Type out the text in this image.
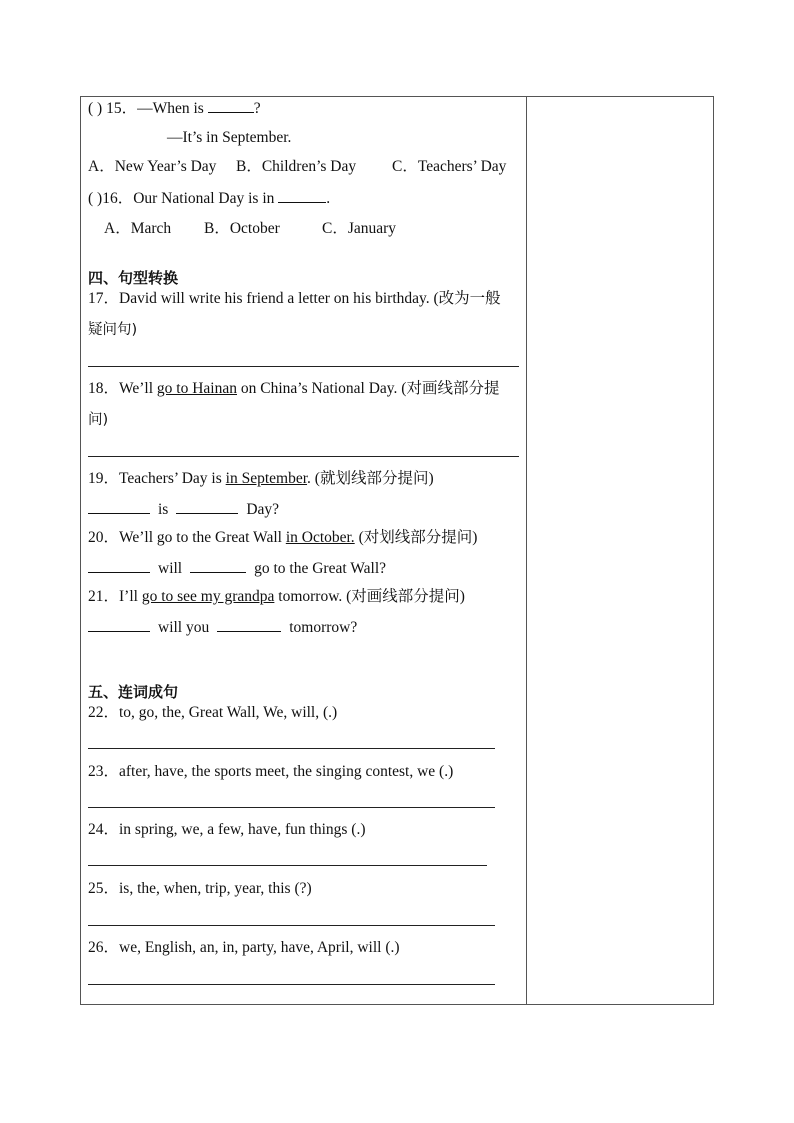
( ) 15．—When is	?
—It’s in September.
A．New Year’s Day B．Children’s Day C．Teachers’ Day
( )16．Our National Day is in	.
A．March B．October	C．January
四、句型转换
17．David will write his friend a letter on his birthday. (改为一般
疑问句)
18．We’ll go to Hainan on China’s National Day. (对画线部分提
问)
19．Teachers’ Day is in September. (就划线部分提问)
is	Day?
20．We’ll go to the Great Wall in October. (对划线部分提问)
will	go to the Great Wall?
21．I’ll go to see my grandpa tomorrow. (对画线部分提问)
will you	tomorrow?
五、连词成句
22．to, go, the, Great Wall, We, will, (.)
23．after, have, the sports meet, the singing contest, we (.)
24．in spring, we, a few, have, fun things (.)
25．is, the, when, trip, year, this (?)
26．we, English, an, in, party, have, April, will (.)
